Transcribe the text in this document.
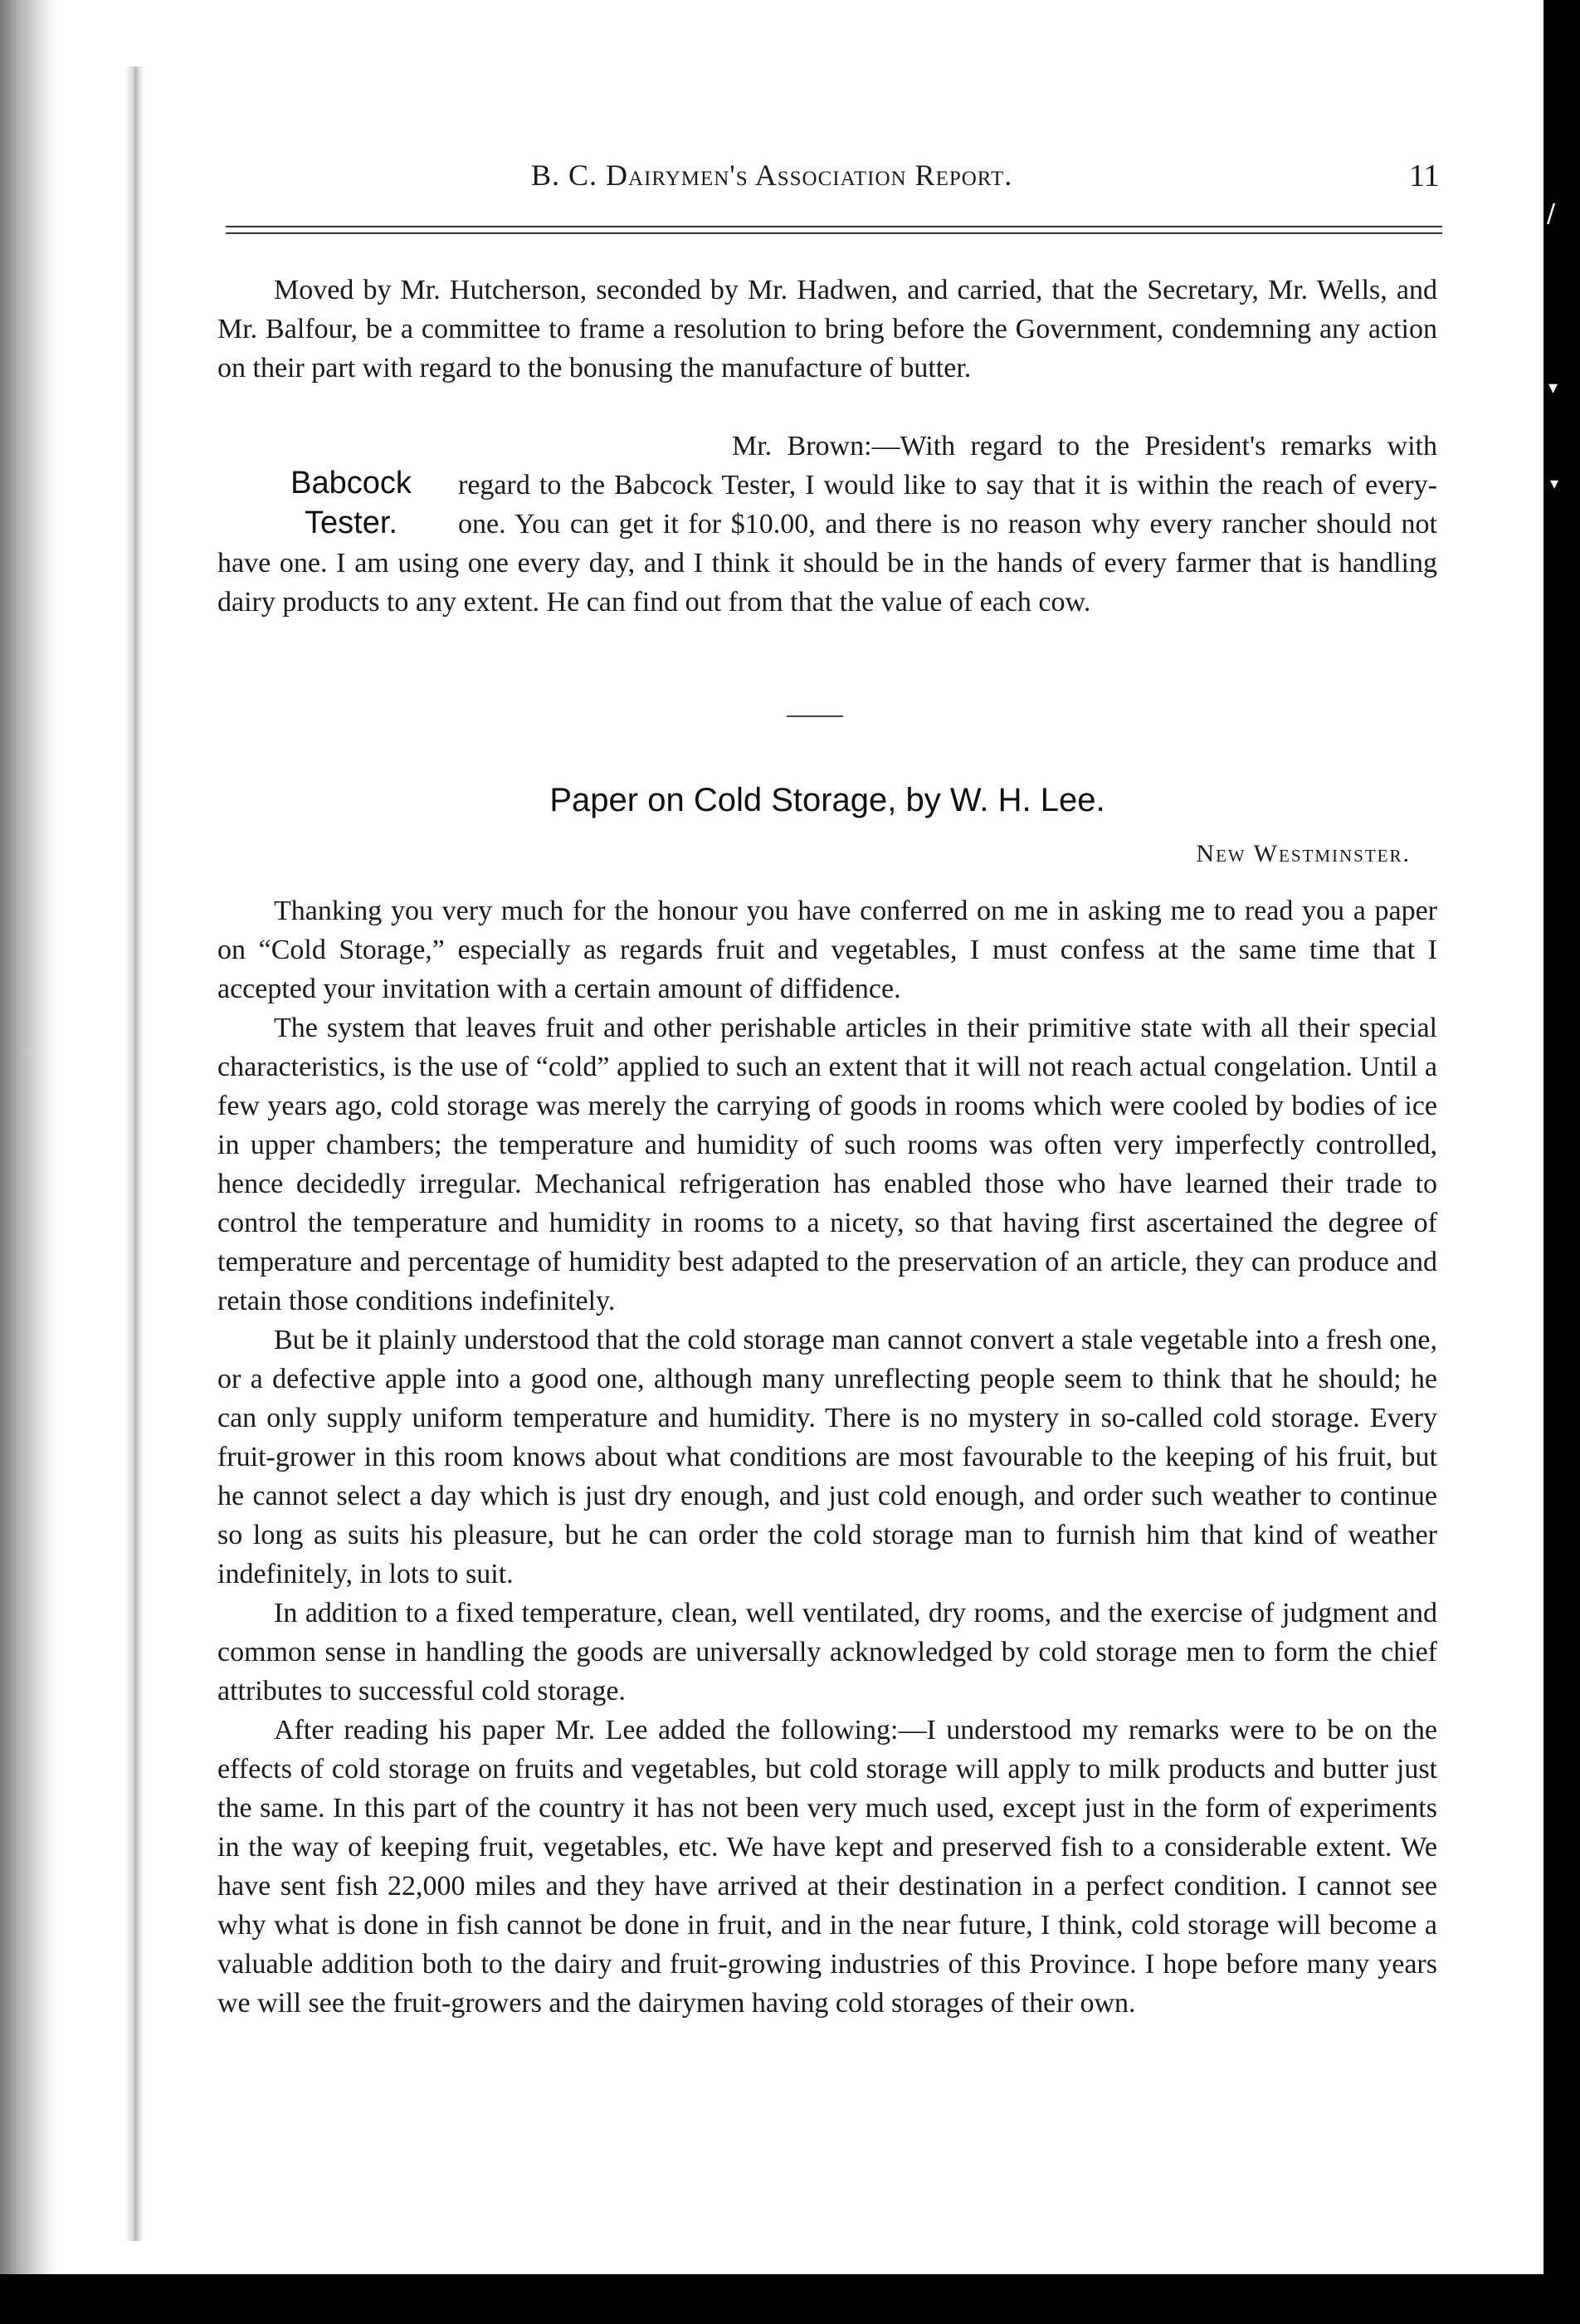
B. C. Dairymen's Association Report.	11

Moved by Mr. Hutcherson, seconded by Mr. Hadwen, and carried, that the Secretary, Mr. Wells, and Mr. Balfour, be a committee to frame a resolution to bring before the Government, condemning any action on their part with regard to the bonusing the manufacture of butter.

Babcock
Tester.

Mr. Brown:—With regard to the President's remarks with regard to the Babcock Tester, I would like to say that it is within the reach of every-one. You can get it for $10.00, and there is no reason why every rancher should not have one. I am using one every day, and I think it should be in the hands of every farmer that is handling dairy products to any extent. He can find out from that the value of each cow.

Paper on Cold Storage, by W. H. Lee.
New Westminster.

Thanking you very much for the honour you have conferred on me in asking me to read you a paper on “Cold Storage,” especially as regards fruit and vegetables, I must confess at the same time that I accepted your invitation with a certain amount of diffidence.

The system that leaves fruit and other perishable articles in their primitive state with all their special characteristics, is the use of “cold” applied to such an extent that it will not reach actual congelation. Until a few years ago, cold storage was merely the carrying of goods in rooms which were cooled by bodies of ice in upper chambers; the temperature and humidity of such rooms was often very imperfectly controlled, hence decidedly irregular. Mechanical refrigeration has enabled those who have learned their trade to control the temperature and humidity in rooms to a nicety, so that having first ascertained the degree of temperature and percentage of humidity best adapted to the preservation of an article, they can produce and retain those conditions indefinitely.

But be it plainly understood that the cold storage man cannot convert a stale vegetable into a fresh one, or a defective apple into a good one, although many unreflecting people seem to think that he should; he can only supply uniform temperature and humidity. There is no mystery in so-called cold storage. Every fruit-grower in this room knows about what conditions are most favourable to the keeping of his fruit, but he cannot select a day which is just dry enough, and just cold enough, and order such weather to continue so long as suits his pleasure, but he can order the cold storage man to furnish him that kind of weather indefinitely, in lots to suit.

In addition to a fixed temperature, clean, well ventilated, dry rooms, and the exercise of judgment and common sense in handling the goods are universally acknowledged by cold storage men to form the chief attributes to successful cold storage.

After reading his paper Mr. Lee added the following:—I understood my remarks were to be on the effects of cold storage on fruits and vegetables, but cold storage will apply to milk products and butter just the same. In this part of the country it has not been very much used, except just in the form of experiments in the way of keeping fruit, vegetables, etc. We have kept and preserved fish to a considerable extent. We have sent fish 22,000 miles and they have arrived at their destination in a perfect condition. I cannot see why what is done in fish cannot be done in fruit, and in the near future, I think, cold storage will become a valuable addition both to the dairy and fruit-growing industries of this Province. I hope before many years we will see the fruit-growers and the dairymen having cold storages of their own.

/
▾
▾
